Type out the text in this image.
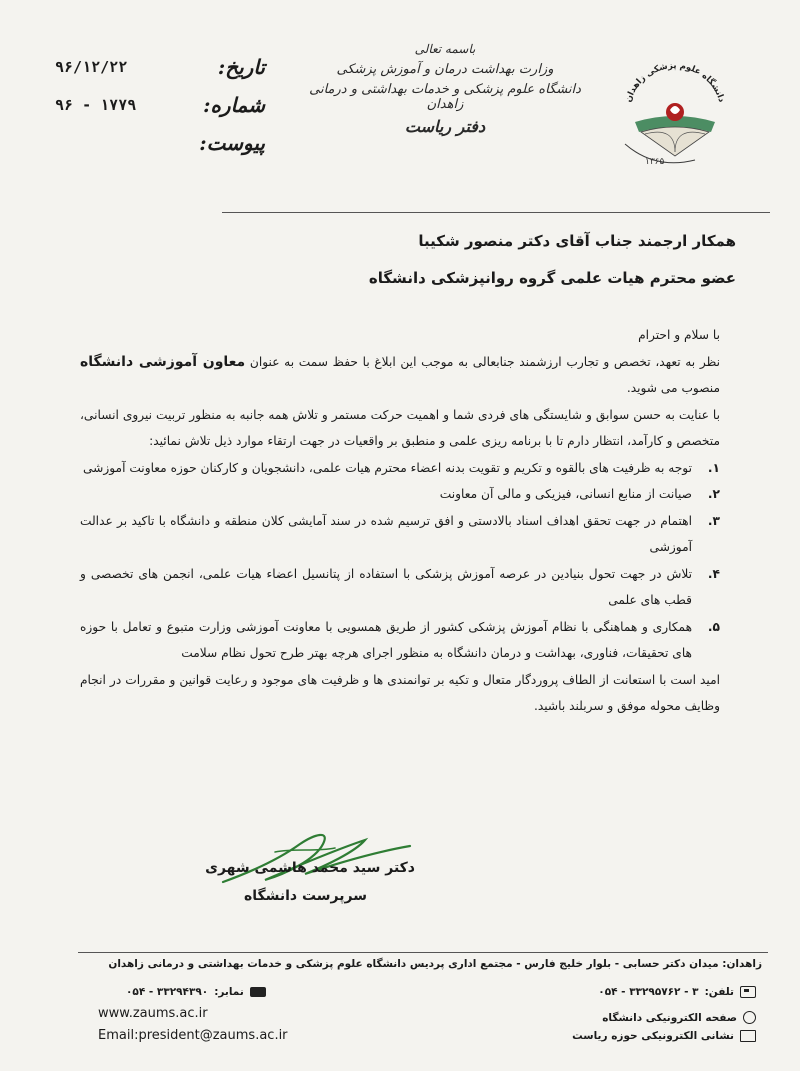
۹۶/۱۲/۲۲	تاریخ:
۹۶ - ۱۷۷۹	شماره:
پیوست:
باسمه تعالی
وزارت بهداشت درمان و آموزش پزشکی
دانشگاه علوم پزشکی و خدمات بهداشتی و درمانی زاهدان
دفتر ریاست
دانشگاه علوم پزشکی زاهدان
۱۳۶۵
همکار ارجمند جناب آقای دکتر منصور شکیبا
عضو محترم هیات علمی گروه روانپزشکی دانشگاه

با سلام و احترام

نظر به تعهد، تخصص و تجارب ارزشمند جنابعالی به موجب این ابلاغ با حفظ سمت به عنوان معاون آموزشی دانشگاه منصوب می شوید.

با عنایت به حسن سوابق و شایستگی های فردی شما و اهمیت حرکت مستمر و تلاش همه جانبه به منظور تربیت نیروی انسانی، متخصص و کارآمد، انتظار دارم تا با برنامه ریزی علمی و منطبق بر واقعیات در جهت ارتقاء موارد ذیل تلاش نمائید:

۱.
توجه به ظرفیت های بالقوه و تکریم و تقویت بدنه اعضاء محترم هیات علمی، دانشجویان و کارکنان حوزه معاونت آموزشی
۲.
صیانت از منابع انسانی، فیزیکی و مالی آن معاونت
۳.
اهتمام در جهت تحقق اهداف اسناد بالادستی و افق ترسیم شده در سند آمایشی کلان منطقه و دانشگاه با تاکید بر عدالت آموزشی
۴.
تلاش در جهت تحول بنیادین در عرصه آموزش پزشکی با استفاده از پتانسیل اعضاء هیات علمی، انجمن های تخصصی و قطب های علمی
۵.
همکاری و هماهنگی با نظام آموزش پزشکی کشور از طریق همسویی با معاونت آموزشی وزارت متبوع و تعامل با حوزه های تحقیقات، فناوری، بهداشت و درمان دانشگاه به منظور اجرای هرچه بهتر طرح تحول نظام سلامت

امید است با استعانت از الطاف پروردگار متعال و تکیه بر توانمندی ها و ظرفیت های موجود و رعایت قوانین و مقررات در انجام وظایف محوله موفق و سربلند باشید.

دکتر سید محمد هاشمی شهری
سرپرست دانشگاه
زاهدان: میدان دکتر حسابی - بلوار خلیج فارس - مجتمع اداری پردیس دانشگاه علوم پزشکی و خدمات بهداشتی و درمانی زاهدان
تلفن:
۳ - ۳۳۲۹۵۷۶۲ - ۰۵۴
نمابر:
۳۳۲۹۴۳۹۰ - ۰۵۴
صفحه الکترونیکی دانشگاه
نشانی الکترونیکی حوزه ریاست
www.zaums.ac.ir
Email:president@zaums.ac.ir
